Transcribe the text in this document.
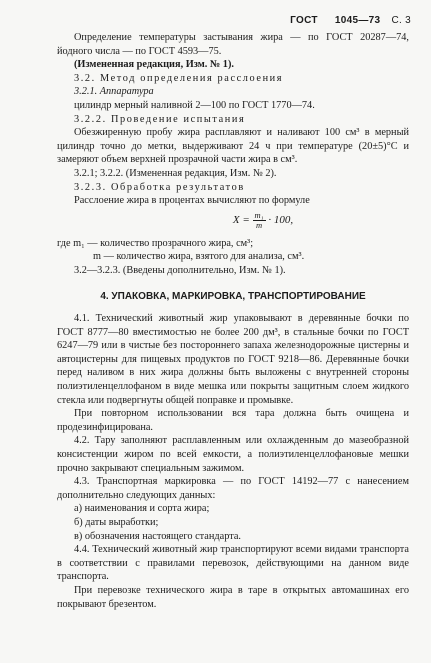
ГОСТ 1045—73 С. 3

Определение температуры застывания жира — по ГОСТ 20287—74, йодного числа — по ГОСТ 4593—75.

(Измененная редакция, Изм. № 1).

3.2. Метод определения расслоения

3.2.1. Аппаратура

цилиндр мерный наливной 2—100 по ГОСТ 1770—74.

3.2.2. Проведение испытания

Обезжиренную пробу жира расплавляют и наливают 100 см³ в мерный цилиндр точно до метки, выдерживают 24 ч при температуре (20±5)°С и замеряют объем верхней прозрачной части жира в см³.

3.2.1; 3.2.2. (Измененная редакция, Изм. № 2).

3.2.3. Обработка результатов

Расслоение жира в процентах вычисляют по формуле

$X = \frac{\text{m₁}}{m} \cdot 100$,

где m₁ — количество прозрачного жира, см³;

m — количество жира, взятого для анализа, см³.

3.2—3.2.3. (Введены дополнительно, Изм. № 1).

4. УПАКОВКА, МАРКИРОВКА, ТРАНСПОРТИРОВАНИЕ

4.1. Технический животный жир упаковывают в деревянные бочки по ГОСТ 8777—80 вместимостью не более 200 дм³, в стальные бочки по ГОСТ 6247—79 или в чистые без постороннего запаха железнодорожные цистерны и автоцистерны для пищевых продуктов по ГОСТ 9218—86. Деревянные бочки перед наливом в них жира должны быть выложены с внутренней стороны полиэтиленцеллофаном в виде мешка или покрыты защитным слоем жидкого стекла или подвергнуты общей поправке и промывке.

При повторном использовании вся тара должна быть очищена и продезинфицирована.

4.2. Тару заполняют расплавленным или охлажденным до мазеобразной консистенции жиром по всей емкости, а полиэтиленцеллофановые мешки прочно закрывают специальным зажимом.

4.3. Транспортная маркировка — по ГОСТ 14192—77 с нанесением дополнительно следующих данных:

а) наименования и сорта жира;

б) даты выработки;

в) обозначения настоящего стандарта.

4.4. Технический животный жир транспортируют всеми видами транспорта в соответствии с правилами перевозок, действующими на данном виде транспорта.

При перевозке технического жира в таре в открытых автомашинах его покрывают брезентом.
